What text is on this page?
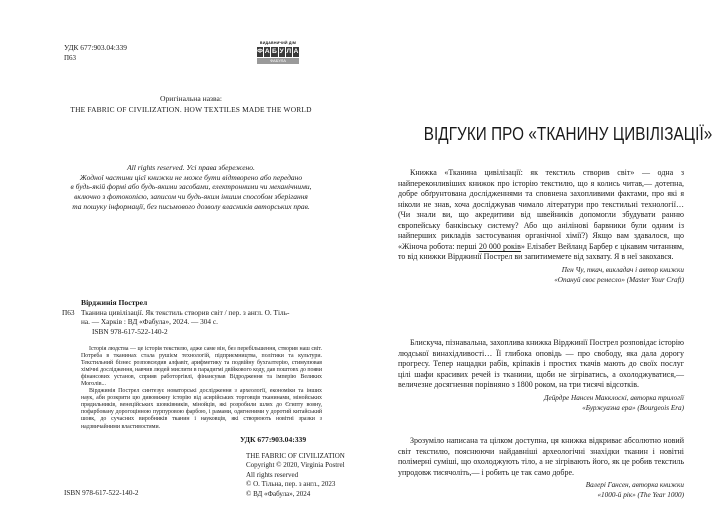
УДК 677:903.04:339
П63
ВИДАВНИЧИЙ ДІМ
Ф А Б У Л А
ФАБУЛА
Оригінальна назва:
THE FABRIC OF CIVILIZATION. HOW TEXTILES MADE THE WORLD
All rights reserved. Усі права збережено.
Жодної частини цієї книжки не може бути відтворено або передано
в будь-якій формі або будь-якими засобами, електронними чи механічними,
включно з фотокопією, записом чи будь-яким іншим способом зберігання
та пошуку інформації, без письмового дозволу власників авторських прав.
Вірджинія Пострел
П63 Тканина цивілізації. Як текстиль створив світ / пер. з англ. О. Тіль-
на. — Харків : ВД «Фабула», 2024. — 304 с.
ISBN 978-617-522-140-2

Історія людства — це історія текстилю, адже саме він, без перебільшення, створив наш світ. Потреба в тканинах стала рушієм технологій, підприємництва, політики та культури. Текстильний бізнес розповсюдив алфавіт, арифметику та подвійну бухгалтерію, стимулював хімічні дослідження, навчив людей мислити в парадигмі двійкового коду, дав поштовх до появи фінансових установ, сприяв работоргівлі, фінансував Відродження та імперію Великих Моголів...

Вірджинія Пострел синтезує новаторські дослідження з археології, економіки та інших наук, аби розкрити цю дивовижну історію від асирійських торговців тканинами, мінойських прядильників, венеційських шовківників, мінойців, які розробили шлях до Єгипту вовну, пофарбовану дорогоцінною пурпуровою фарбою, і рамами, одягненими у доротий китайський шовк, до сучасних виробників тканин і науковців, які створюють новітні зразки з надзвичайними властивостями.

УДК 677:903.04:339
THE FABRIC OF CIVILIZATION
Copyright © 2020, Virginia Postrel
All rights reserved
© О. Тільна, пер. з англ., 2023
© ВД «Фабула», 2024
ISBN 978-617-522-140-2
ВІДГУКИ ПРО «ТКАНИНУ ЦИВІЛІЗАЦІЇ»
Книжка «Тканина цивілізації: як текстиль створив світ» — одна з найпереконливіших книжок про історію текстилю, що я колись читав,— дотепна, добре обґрунтована дослідженнями та сповнена захопливими фактами, про які я ніколи не знав, хоча досліджував чимало літератури про текстильні технології… (Чи знали ви, що акредитиви від швейників допомогли збудувати ранню європейську банківську систему? Або що анілінові барвники були одним із найперших рикладів застосування органічної хімії?) Якщо вам здавалося, що «Жіноча робота: перші 20 000 років» Елізабет Вейланд Барбер є цікавим читанням, то від книжки Вірджинії Пострел ви запитимемете від захвату. Я в неї закохався.
Пен Чу, ткач, викладач і автор книжки
«Опануй своє ремесло» (Master Your Craft)
Блискуча, пізнавальна, захоплива книжка Вірджинії Пострел розповідає історію людської винахідливості… Її глибока оповідь — про свободу, яка дала дорогу прогресу. Тепер нащадки рабів, кріпаків і простих ткачів мають до своїх послуг цілі шафи красивих речей із тканини, щоби не зігріватись, а охолоджуватися,— величезне досягнення порівняно з 1800 роком, на три тисячі відсотків.
Дейрдре Нансен Макклоскі, авторка трилогії
«Буржуазна ера» (Bourgeois Era)
Зрозуміло написана та цілком доступна, ця книжка відкриває абсолютно новий світ текстилю, пояснюючи найдавніші археологічні знахідки тканин і новітні полімерні суміші, що охолоджують тіло, а не зігрівають його, як це робив текстиль упродовж тисячоліть,— і робить це так само добре.
Валері Гансен, авторка книжки
«1000-й рік» (The Year 1000)
